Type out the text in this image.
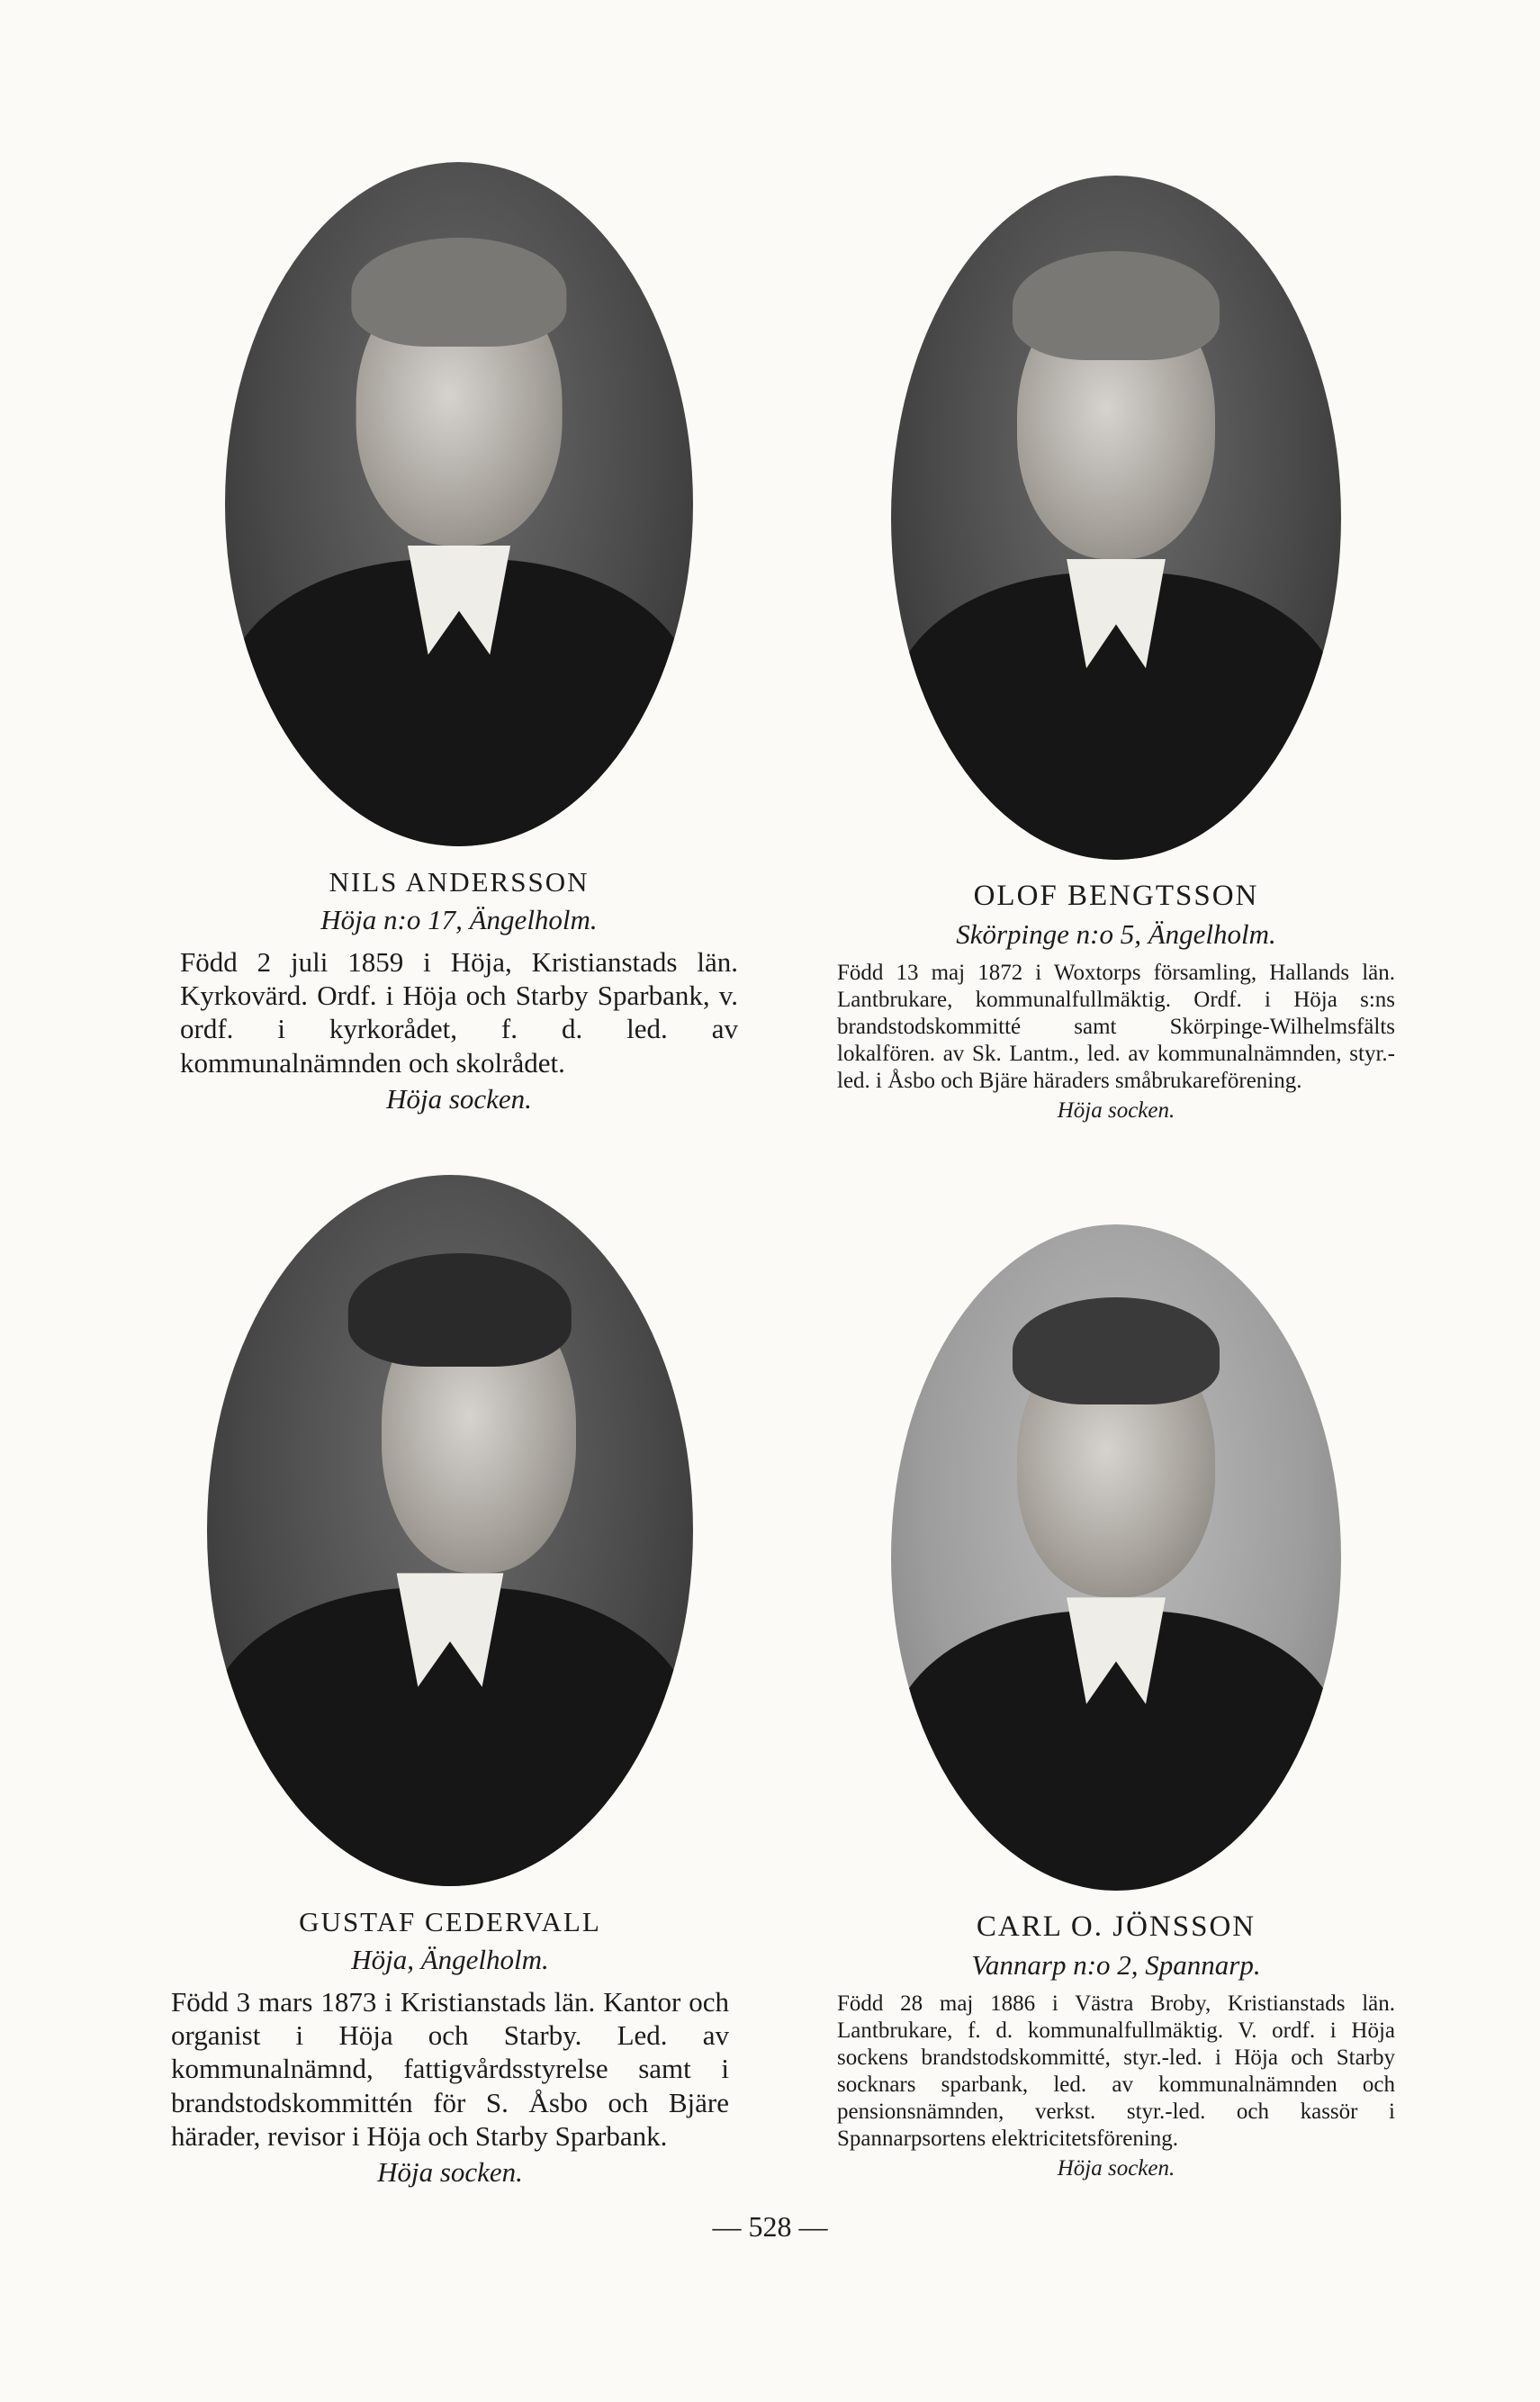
NILS ANDERSSON
Höja n:o 17, Ängelholm.
Född 2 juli 1859 i Höja, Kristianstads län. Kyrkovärd. Ordf. i Höja och Starby Sparbank, v. ordf. i kyrkorådet, f. d. led. av kommunalnämnden och skolrådet.
Höja socken.
OLOF BENGTSSON
Skörpinge n:o 5, Ängelholm.
Född 13 maj 1872 i Woxtorps församling, Hallands län. Lantbrukare, kommunalfullmäktig. Ordf. i Höja s:ns brandstodskommitté samt Skörpinge-Wilhelmsfälts lokalfören. av Sk. Lantm., led. av kommunalnämnden, styr.-led. i Åsbo och Bjäre häraders småbrukareförening.
Höja socken.
GUSTAF CEDERVALL
Höja, Ängelholm.
Född 3 mars 1873 i Kristianstads län. Kantor och organist i Höja och Starby. Led. av kommunalnämnd, fattigvårdsstyrelse samt i brandstodskommittén för S. Åsbo och Bjäre härader, revisor i Höja och Starby Sparbank.
Höja socken.
CARL O. JÖNSSON
Vannarp n:o 2, Spannarp.
Född 28 maj 1886 i Västra Broby, Kristianstads län. Lantbrukare, f. d. kommunalfullmäktig. V. ordf. i Höja sockens brandstodskommitté, styr.-led. i Höja och Starby socknars sparbank, led. av kommunalnämnden och pensionsnämnden, verkst. styr.-led. och kassör i Spannarpsortens elektricitetsförening.
Höja socken.
— 528 —
